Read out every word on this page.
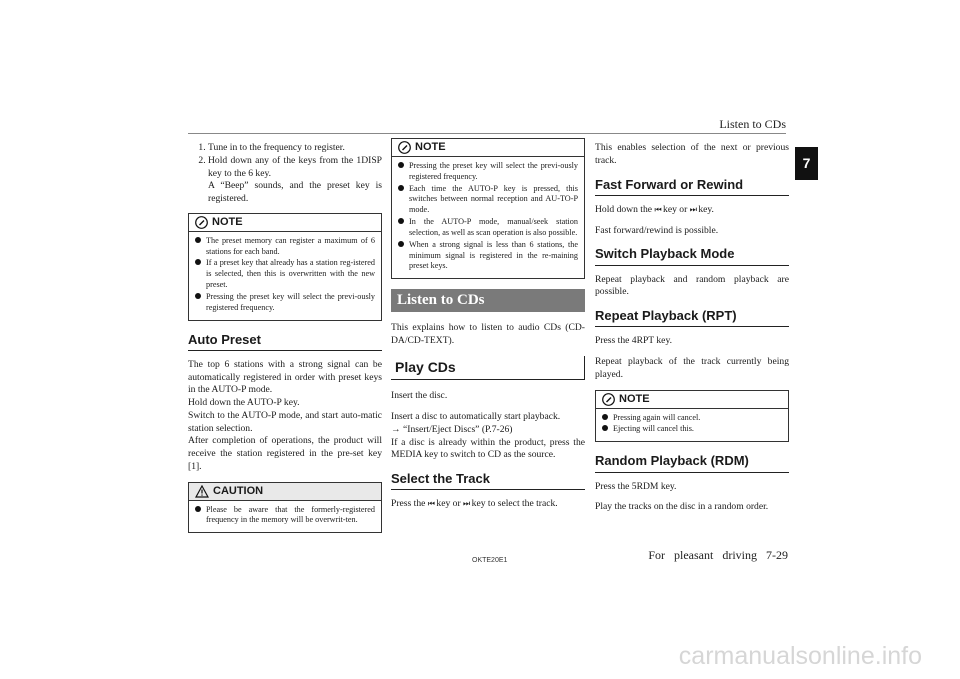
Listen to CDs
7
1. Tune in to the frequency to register.
2. Hold down any of the keys from the 1DISP key to the 6 key.
A “Beep” sounds, and the preset key is registered.
NOTE
The preset memory can register a maximum of 6 stations for each band.
If a preset key that already has a station reg-istered is selected, then this is overwritten with the new preset.
Pressing the preset key will select the previ-ously registered frequency.
Auto Preset

The top 6 stations with a strong signal can be automatically registered in order with preset keys in the AUTO-P mode.

Hold down the AUTO-P key.

Switch to the AUTO-P mode, and start auto-matic station selection.

After completion of operations, the product will receive the station registered in the pre-set key [1].

CAUTION
Please be aware that the formerly-registered frequency in the memory will be overwrit-ten.
NOTE
Pressing the preset key will select the previ-ously registered frequency.
Each time the AUTO-P key is pressed, this switches between normal reception and AU-TO-P mode.
In the AUTO-P mode, manual/seek station selection, as well as scan operation is also possible.
When a strong signal is less than 6 stations, the minimum signal is registered in the re-maining preset keys.
Listen to CDs

This explains how to listen to audio CDs (CD-DA/CD-TEXT).

Play CDs

Insert the disc.

Insert a disc to automatically start playback.

→ “Insert/Eject Discs” (P.7-26)

If a disc is already within the product, press the MEDIA key to switch to CD as the source.

Select the Track

Press the ⏮ key or ⏭ key to select the track.

This enables selection of the next or previous track.

Fast Forward or Rewind

Hold down the ⏮ key or ⏭ key.

Fast forward/rewind is possible.

Switch Playback Mode

Repeat playback and random playback are possible.

Repeat Playback (RPT)

Press the 4RPT key.

Repeat playback of the track currently being played.

NOTE
Pressing again will cancel.
Ejecting will cancel this.
Random Playback (RDM)

Press the 5RDM key.

Play the tracks on the disc in a random order.

OKTE20E1	For pleasant driving 7-29
carmanualsonline.info
